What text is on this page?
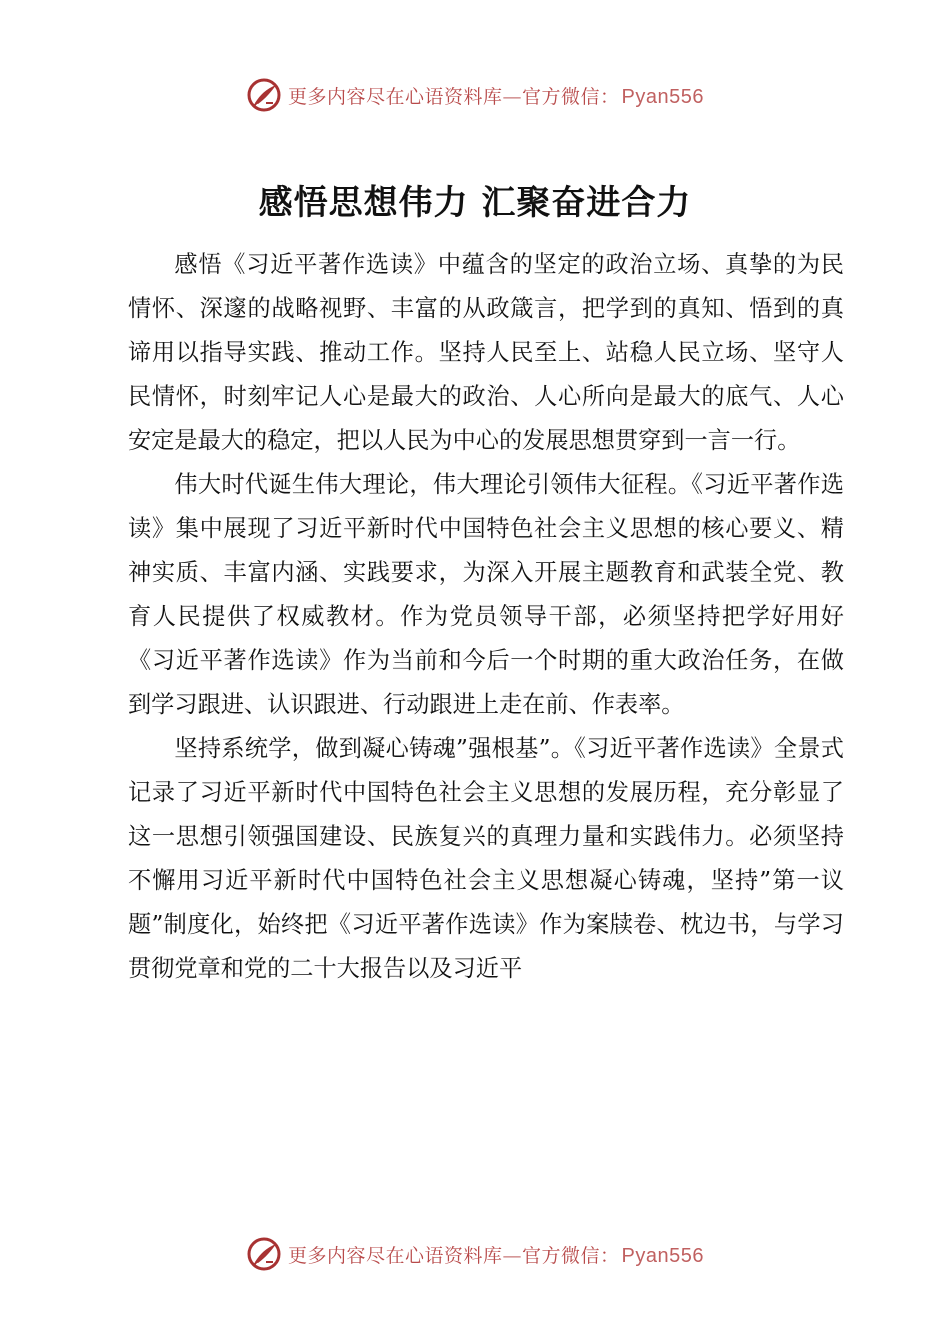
更多内容尽在心语资料库—官方微信： Pyan556
感悟思想伟力 汇聚奋进合力

感悟《习近平著作选读》中蕴含的坚定的政治立场、真挚的为民情怀、深邃的战略视野、丰富的从政箴言，把学到的真知、悟到的真谛用以指导实践、推动工作。坚持人民至上、站稳人民立场、坚守人民情怀，时刻牢记人心是最大的政治、人心所向是最大的底气、人心安定是最大的稳定，把以人民为中心的发展思想贯穿到一言一行。

伟大时代诞生伟大理论，伟大理论引领伟大征程。《习近平著作选读》集中展现了习近平新时代中国特色社会主义思想的核心要义、精神实质、丰富内涵、实践要求，为深入开展主题教育和武装全党、教育人民提供了权威教材。作为党员领导干部，必须坚持把学好用好《习近平著作选读》作为当前和今后一个时期的重大政治任务，在做到学习跟进、认识跟进、行动跟进上走在前、作表率。

坚持系统学，做到凝心铸魂”强根基”。《习近平著作选读》全景式记录了习近平新时代中国特色社会主义思想的发展历程，充分彰显了这一思想引领强国建设、民族复兴的真理力量和实践伟力。必须坚持不懈用习近平新时代中国特色社会主义思想凝心铸魂，坚持”第一议题”制度化，始终把《习近平著作选读》作为案牍卷、枕边书，与学习贯彻党章和党的二十大报告以及习近平

更多内容尽在心语资料库—官方微信： Pyan556
